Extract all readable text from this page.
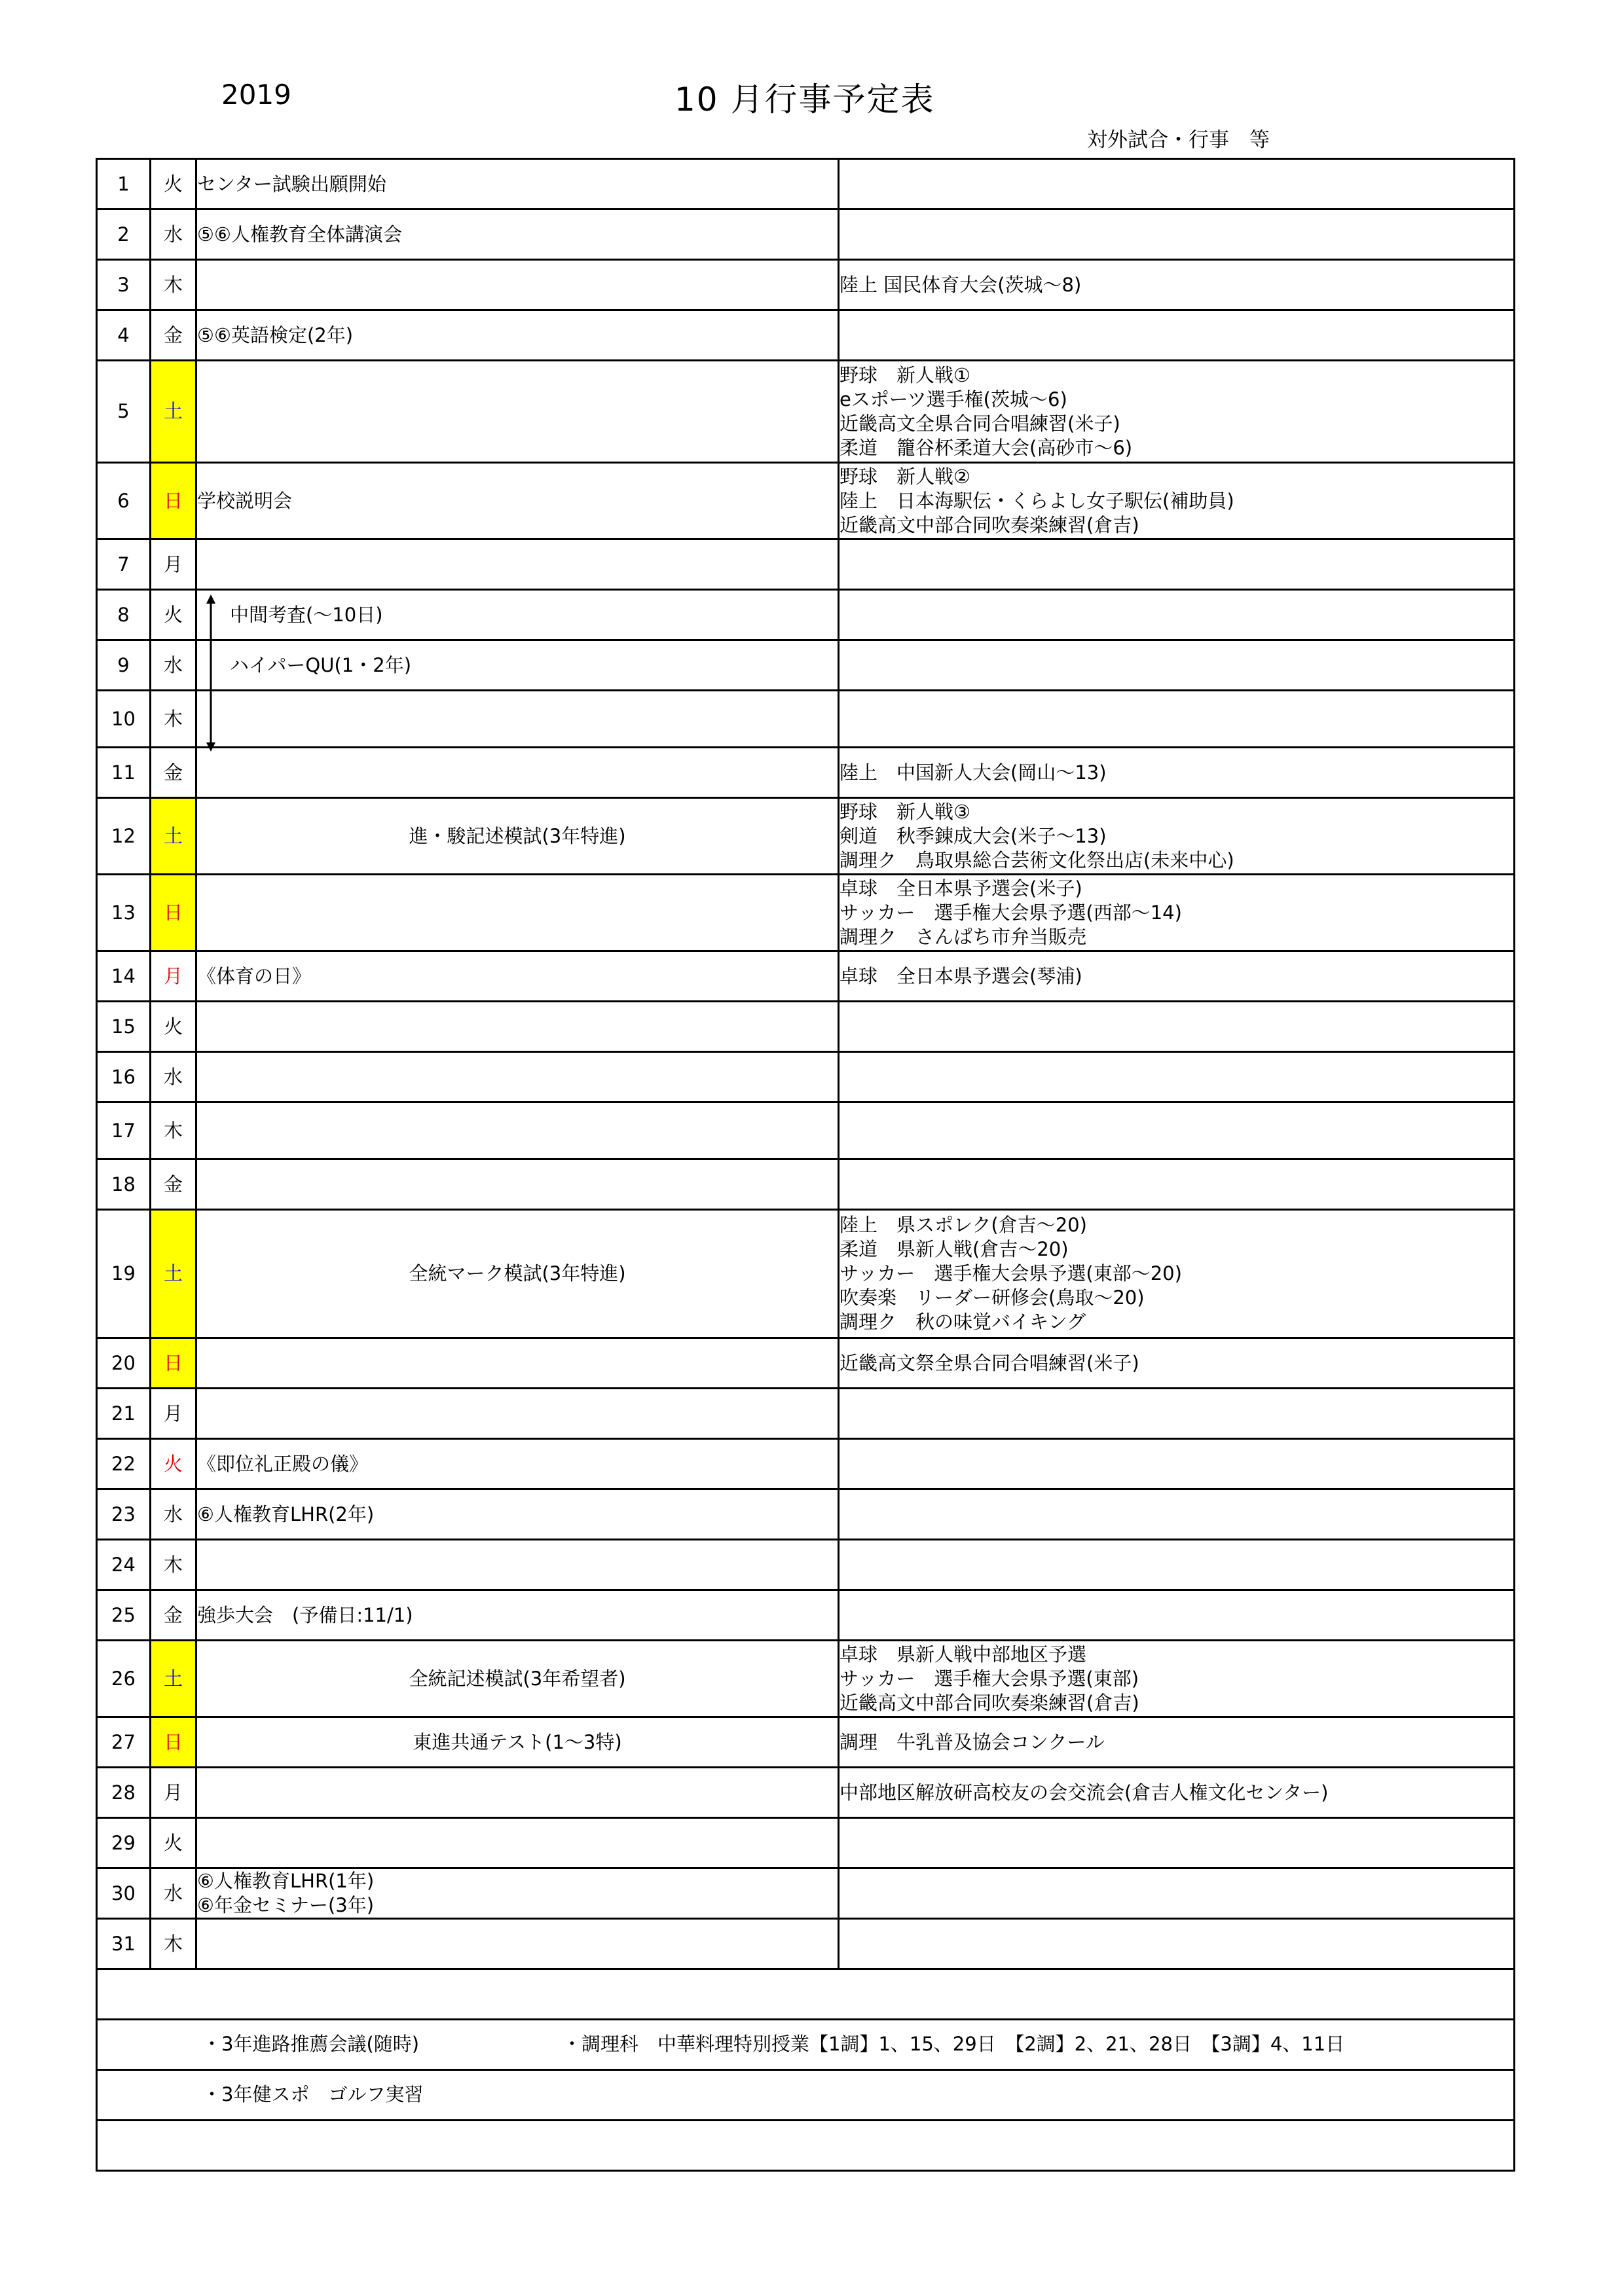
2019	10 月行事予定表
対外試合・行事　等
1	火	センター試験出願開始	

2	水	⑤⑥人権教育全体講演会	

3	木		陸上 国民体育大会(茨城～8)

4	金	⑤⑥英語検定(2年)	

5	土		野球　新人戦①
eスポーツ選手権(茨城～6)
近畿高文全県合同合唱練習(米子)
柔道　籠谷杯柔道大会(高砂市～6)

6	日	学校説明会	野球　新人戦②
陸上　日本海駅伝・くらよし女子駅伝(補助員)
近畿高文中部合同吹奏楽練習(倉吉)

7	月	

8	火	中間考査(～10日)	

9	水	ハイパーQU(1・2年)	

10	木	

11	金		陸上　中国新人大会(岡山～13)

12	土	進・駿記述模試(3年特進)	野球　新人戦③
剣道　秋季錬成大会(米子～13)
調理ク　鳥取県総合芸術文化祭出店(未来中心)

13	日		卓球　全日本県予選会(米子)
サッカー　選手権大会県予選(西部～14)
調理ク　さんぱち市弁当販売

14	月	《体育の日》	卓球　全日本県予選会(琴浦)

15	火	

16	水	

17	木	

18	金	

19	土	全統マーク模試(3年特進)	陸上　県スポレク(倉吉～20)
柔道　県新人戦(倉吉～20)
サッカー　選手権大会県予選(東部～20)
吹奏楽　リーダー研修会(鳥取～20)
調理ク　秋の味覚バイキング

20	日		近畿高文祭全県合同合唱練習(米子)

21	月	

22	火	《即位礼正殿の儀》	

23	水	⑥人権教育LHR(2年)	

24	木	

25	金	強歩大会　(予備日:11/1)	

26	土	全統記述模試(3年希望者)	卓球　県新人戦中部地区予選
サッカー　選手権大会県予選(東部)
近畿高文中部合同吹奏楽練習(倉吉)

27	日	東進共通テスト(1～3特)	調理　牛乳普及協会コンクール

28	月		中部地区解放研高校友の会交流会(倉吉人権文化センター)

29	火	

30	水	⑥人権教育LHR(1年)
⑥年金セミナー(3年)	

31	木	

・3年進路推薦会議(随時) ・調理科　中華料理特別授業【1調】1、15、29日　【2調】2、21、28日　【3調】4、11日			

・3年健スポ　ゴルフ実習			
